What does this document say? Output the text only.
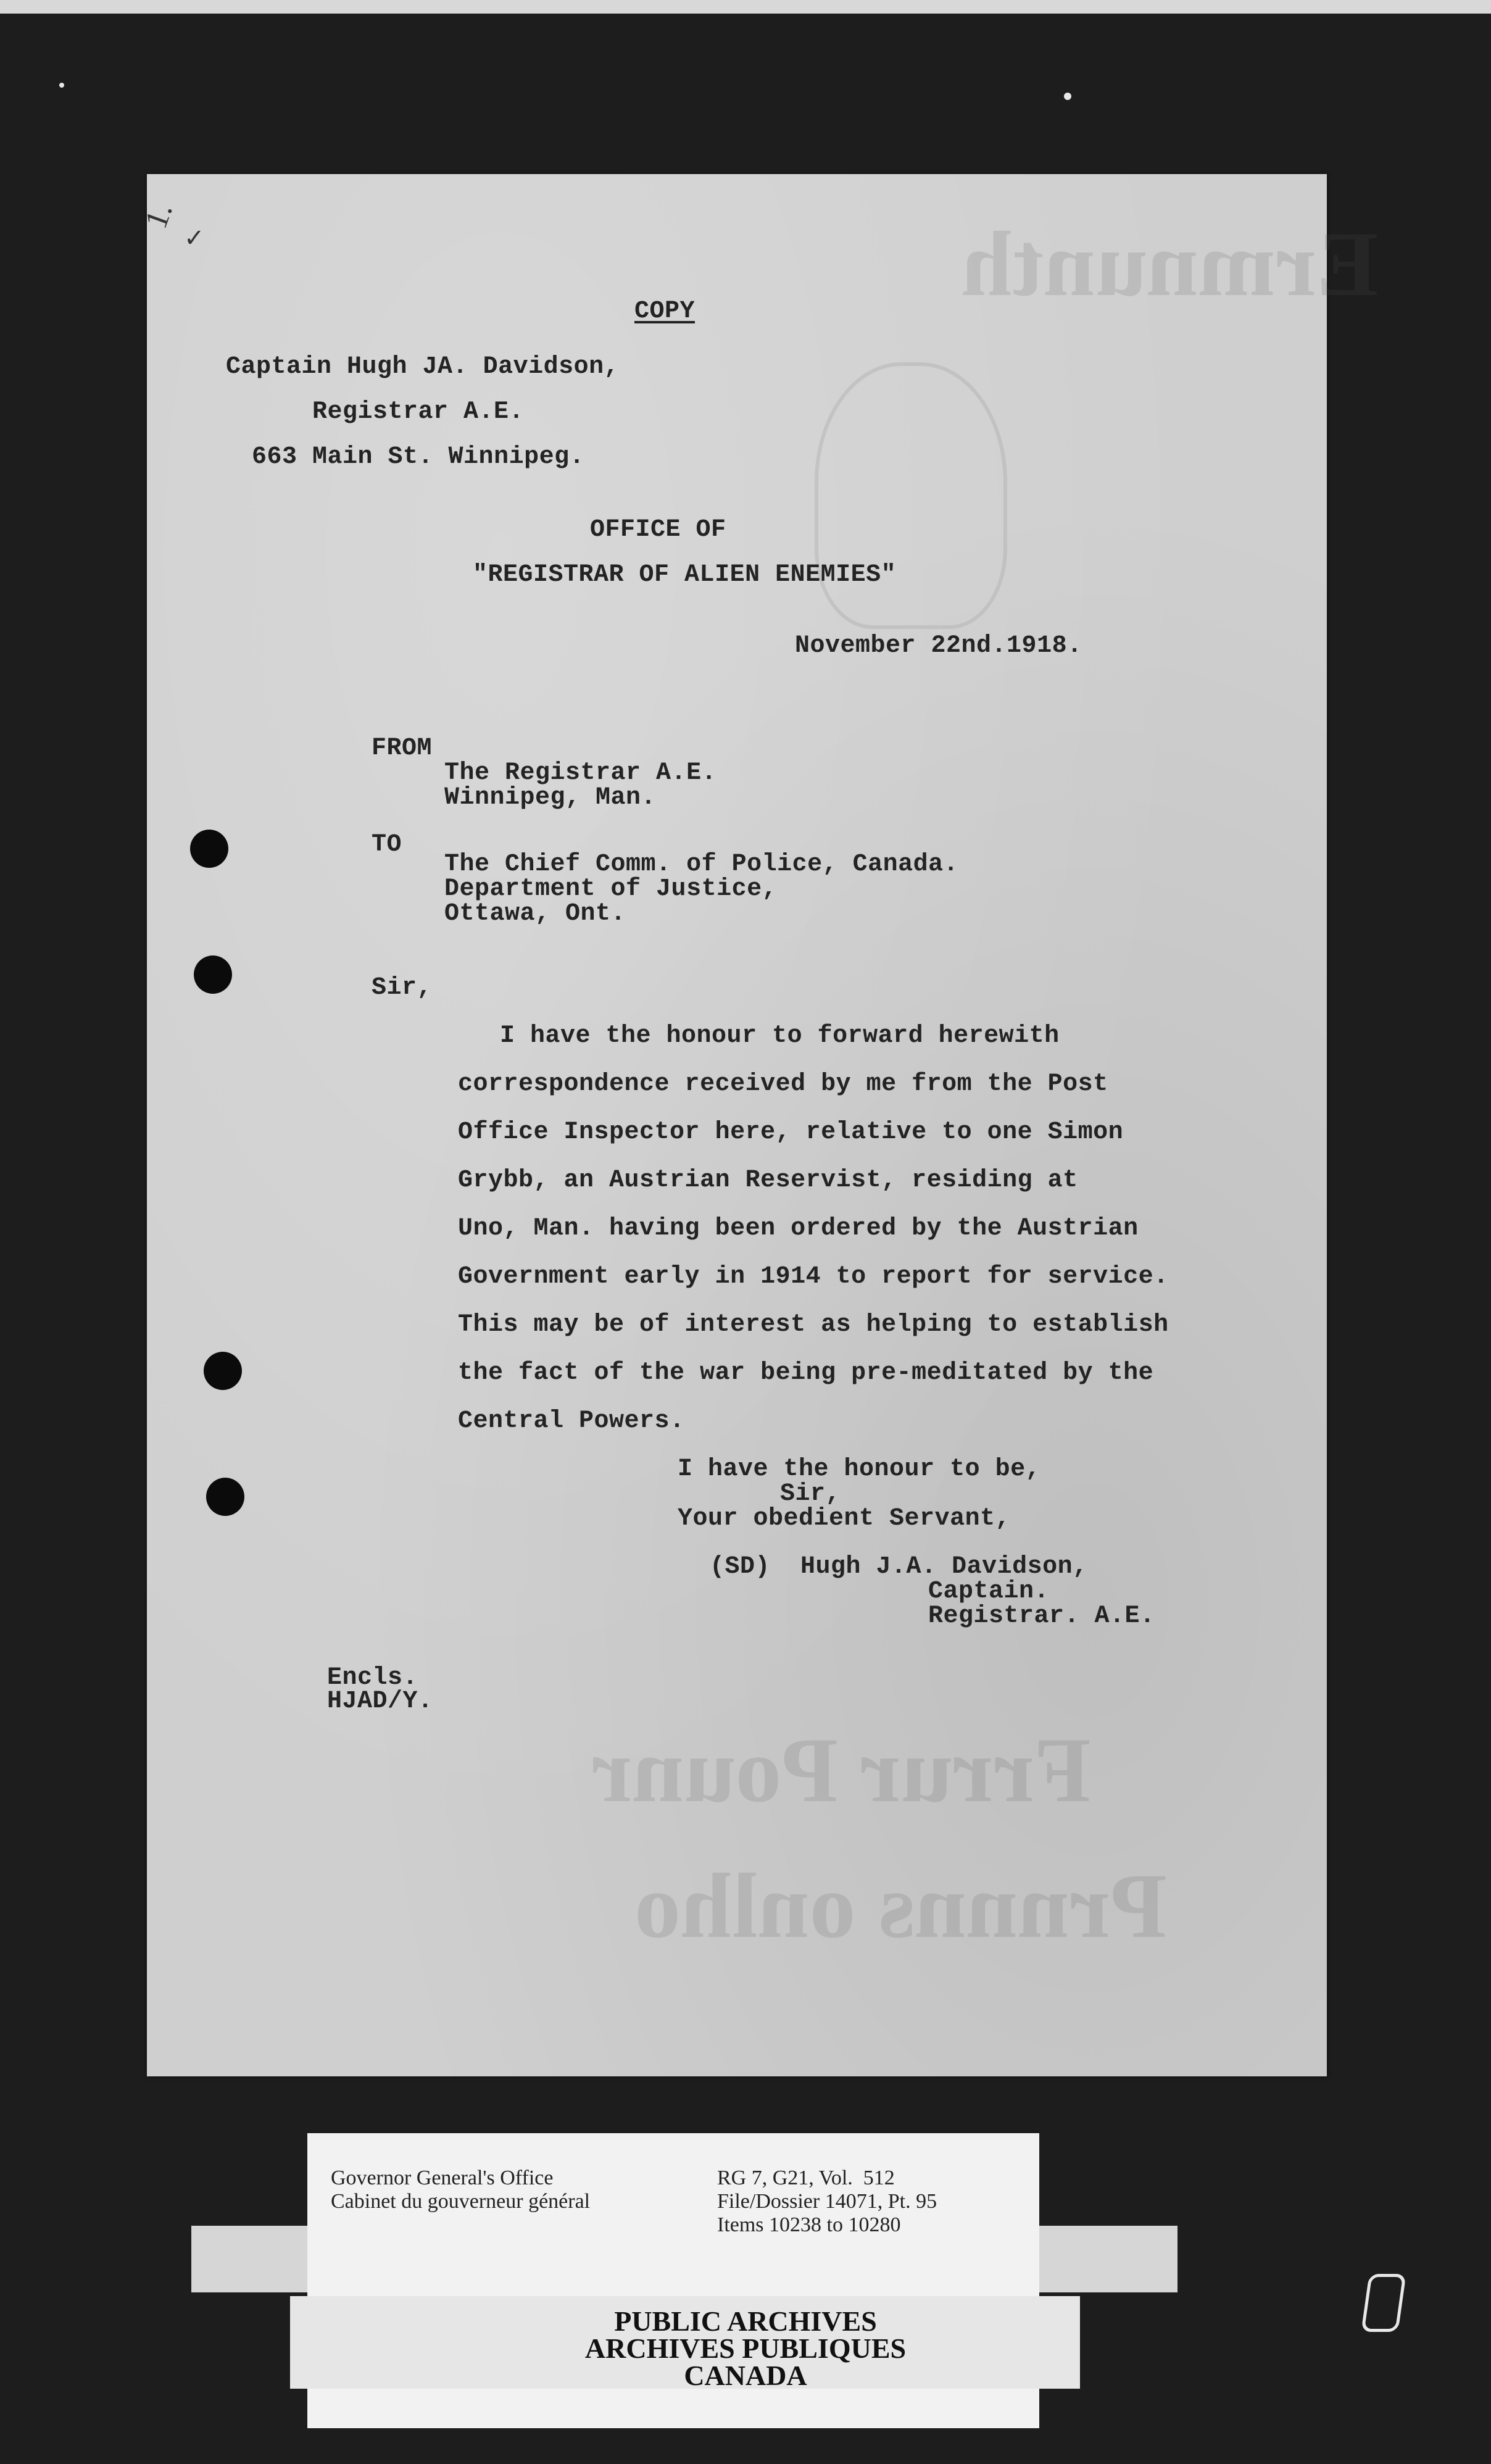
Ermnunth
Frrur Pounr
Prnnns onlho
1.
✓
COPY
Captain Hugh JA. Davidson,
Registrar A.E.
663 Main St. Winnipeg.
OFFICE OF
"REGISTRAR OF ALIEN ENEMIES"
November 22nd.1918.
FROM
The Registrar A.E.
Winnipeg, Man.
TO
The Chief Comm. of Police, Canada.
Department of Justice,
Ottawa, Ont.
Sir,
I have the honour to forward herewith
correspondence received by me from the Post
Office Inspector here, relative to one Simon
Grybb, an Austrian Reservist, residing at
Uno, Man. having been ordered by the Austrian
Government early in 1914 to report for service.
This may be of interest as helping to establish
the fact of the war being pre-meditated by the
Central Powers.
I have the honour to be,
Sir,
Your obedient Servant,
(SD)  Hugh J.A. Davidson,
Captain.
Registrar. A.E.
Encls.
HJAD/Y.
Governor General's Office
Cabinet du gouverneur général
RG 7, G21, Vol.  512
File/Dossier 14071, Pt. 95
Items 10238 to 10280
PUBLIC ARCHIVES
ARCHIVES PUBLIQUES
CANADA
